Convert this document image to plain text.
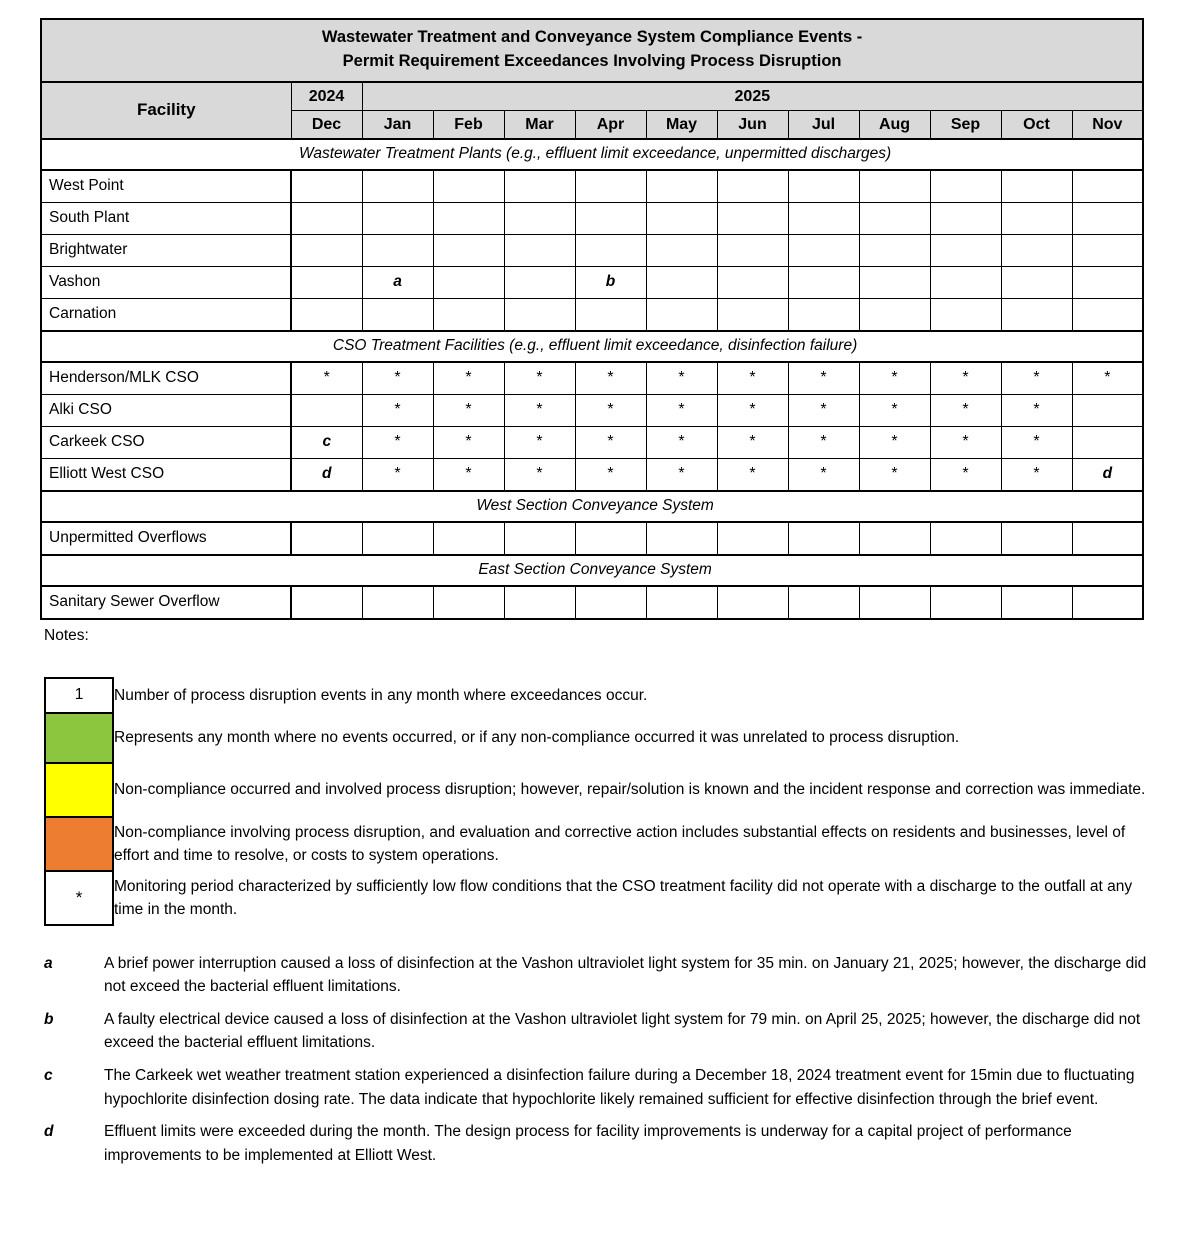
Wastewater Treatment and Conveyance System Compliance Events -
Permit Requirement Exceedances Involving Process Disruption												

Facility	2024	2025										
	Dec	Jan	Feb	Mar	Apr	May	Jun	Jul	Aug	Sep	Oct	Nov
Wastewater Treatment Plants (e.g., effluent limit exceedance, unpermitted discharges)												
West Point												
South Plant												
Brightwater												
Vashon		a			b							
Carnation												
CSO Treatment Facilities (e.g., effluent limit exceedance, disinfection failure)												
Henderson/MLK CSO	*	*	*	*	*	*	*	*	*	*	*	*
Alki CSO		*	*	*	*	*	*	*	*	*	*	
Carkeek CSO	c	*	*	*	*	*	*	*	*	*	*	
Elliott West CSO	d	*	*	*	*	*	*	*	*	*	*	d
West Section Conveyance System												
Unpermitted Overflows												
East Section Conveyance System												
Sanitary Sewer Overflow												

Notes:

1	Number of process disruption events in any month where exceedances occur.
	Represents any month where no events occurred, or if any non-compliance occurred it was unrelated to process disruption.
	Non-compliance occurred and involved process disruption; however, repair/solution is known and the incident response and correction was immediate.
	Non-compliance involving process disruption, and evaluation and corrective action includes substantial effects on residents and businesses, level of effort and time to resolve, or costs to system operations.
*	Monitoring period characterized by sufficiently low flow conditions that the CSO treatment facility did not operate with a discharge to the outfall at any time in the month.
a	A brief power interruption caused a loss of disinfection at the Vashon ultraviolet light system for 35 min. on January 21, 2025; however, the discharge did not exceed the bacterial effluent limitations.
b	A faulty electrical device caused a loss of disinfection at the Vashon ultraviolet light system for 79 min. on April 25, 2025; however, the discharge did not exceed the bacterial effluent limitations.
c	The Carkeek wet weather treatment station experienced a disinfection failure during a December 18, 2024 treatment event for 15min due to fluctuating hypochlorite disinfection dosing rate. The data indicate that hypochlorite likely remained sufficient for effective disinfection through the brief event.
d	Effluent limits were exceeded during the month. The design process for facility improvements is underway for a capital project of performance improvements to be implemented at Elliott West.
